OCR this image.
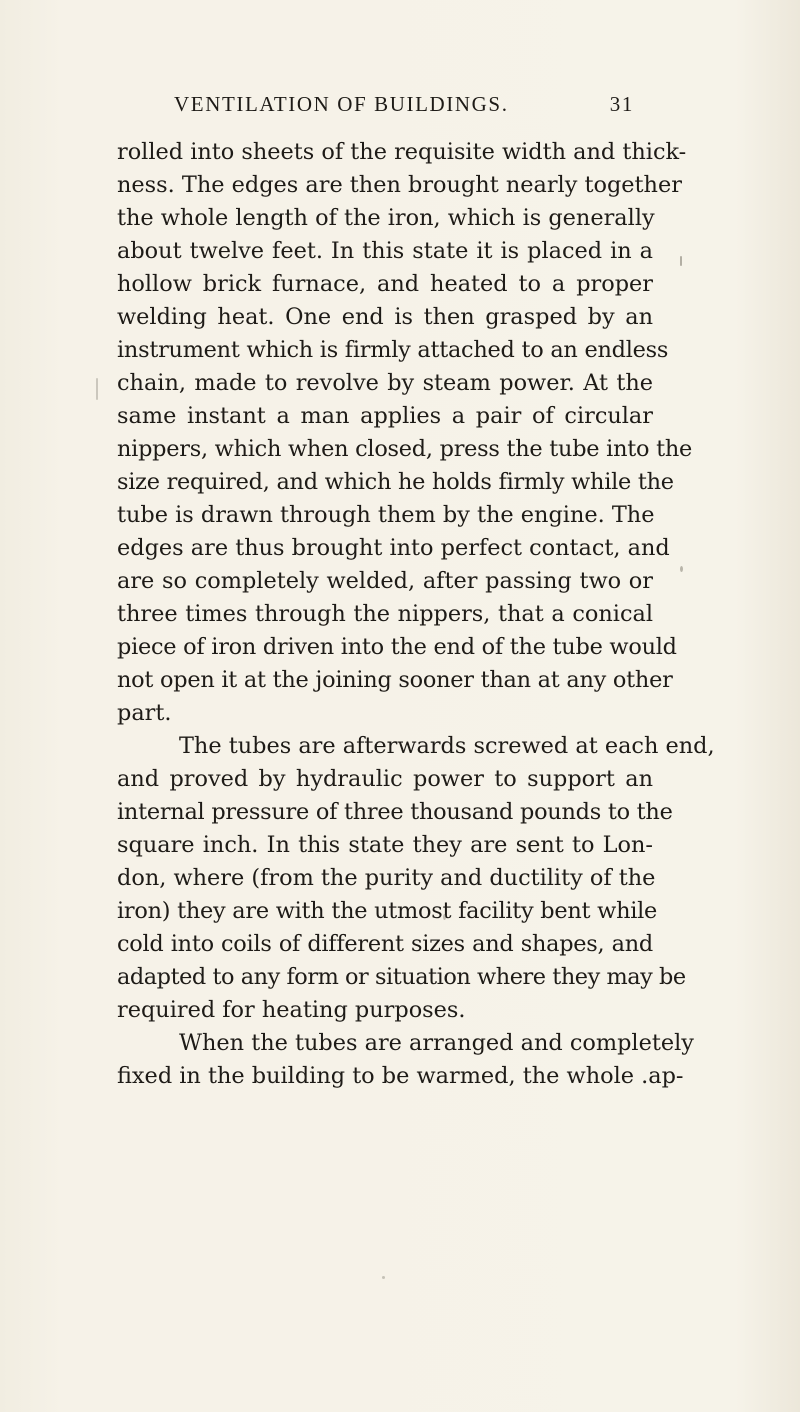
VENTILATION OF BUILDINGS.	31
rolled into sheets of the requisite width and thick-
ness. The edges are then brought nearly together
the whole length of the iron, which is generally
about twelve feet. In this state it is placed in a
hollow brick furnace, and heated to a proper
welding heat. One end is then grasped by an
instrument which is firmly attached to an endless
chain, made to revolve by steam power. At the
same instant a man applies a pair of circular
nippers, which when closed, press the tube into the
size required, and which he holds firmly while the
tube is drawn through them by the engine. The
edges are thus brought into perfect contact, and
are so completely welded, after passing two or
three times through the nippers, that a conical
piece of iron driven into the end of the tube would
not open it at the joining sooner than at any other
part.
The tubes are afterwards screwed at each end,
and proved by hydraulic power to support an
internal pressure of three thousand pounds to the
square inch. In this state they are sent to Lon-
don, where (from the purity and ductility of the
iron) they are with the utmost facility bent while
cold into coils of different sizes and shapes, and
adapted to any form or situation where they may be
required for heating purposes.
When the tubes are arranged and completely
fixed in the building to be warmed, the whole .ap-
